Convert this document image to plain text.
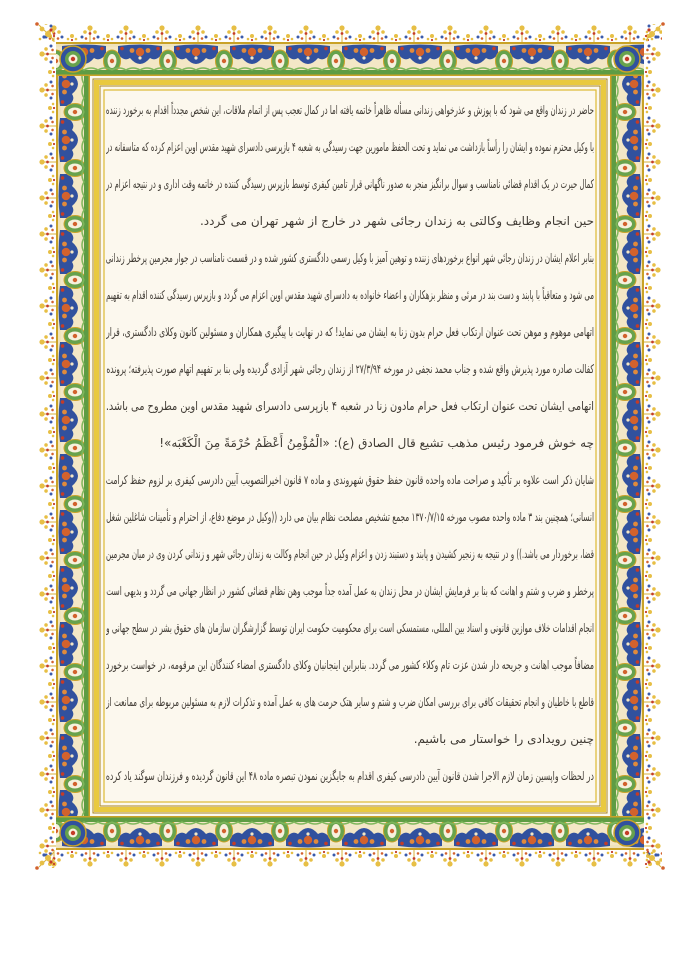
حاضر در زندان واقع می شود که با پوزش و عذرخواهی زندانی مسأله ظاهراً خاتمه یافته اما در کمال تعجب پس از اتمام ملاقات، این شخص مجدداً اقدام به برخورد زننده
با وکیل محترم نموده و ایشان را رأساً بازداشت می نماید و تحت الحفظ مامورین جهت رسیدگی به شعبه ۴ بازپرسی دادسرای شهید مقدس اوین اعزام کرده که متاسفانه در
کمال حیرت در یک اقدام قضائی نامناسب و سوال برانگیز منجر به صدور ناگهانی قرار تامین کیفری توسط بازپرس رسیدگی کننده در خاتمه وقت اداری و در نتیجه اعزام در
حین انجام وظایف وکالتی به زندان رجائی شهر در خارج از شهر تهران می گردد.
بنابر اعلام ایشان در زندان رجائی شهر انواع برخوردهای زننده و توهین آمیز با وکیل رسمی دادگستری کشور شده و در قسمت نامناسب در جوار مجرمین پرخطر زندانی
می شود و متعاقباً با پابند و دست بند در مرئی و منظر بزهکاران و اعضاء خانواده به دادسرای شهید مقدس اوین اعزام می گردد و بازپرس رسیدگی کننده اقدام به تفهیم
اتهامی موهوم و موهن تحت عنوان ارتکاب فعل حرام بدون زنا به ایشان می نماید! که در نهایت با پیگیری همکاران و مسئولین کانون وکلای دادگستری، قرار
کفالت صادره مورد پذیرش واقع شده و جناب محمد نجفی در مورخه ۲۷/۳/۹۴ از زندان رجائی شهر آزادی گردیده ولی بنا بر تفهیم اتهام صورت پذیرفته؛ پرونده
اتهامی ایشان تحت عنوان ارتکاب فعل حرام مادون زنا در شعبه ۴ بازپرسی دادسرای شهید مقدس اوین مطروح می باشد.
چه خوش فرمود رئیس مذهب تشیع قال الصادق (ع): «الْمُؤْمِنُ أَعْظَمُ حُرْمَةً مِنَ الْكَعْبَه»!
شایان ذکر است علاوه بر تأکید و صراحت ماده واحده قانون حفظ حقوق شهروندی و ماده ۷ قانون اخیرالتصویب آیین دادرسی کیفری بر لزوم حفظ کرامت
انسانی؛ همچنین بند ۳ ماده واحده مصوب مورخه ۱۳۷۰/۷/۱۵ مجمع تشخیص مصلحت نظام بیان می دارد ((وکیل در موضع دفاع، از احترام و تأمینات شاغلین شغل
قضا، برخوردار می باشد.)) و در نتیجه به زنجیر کشیدن و پابند و دستبند زدن و اعزام وکیل در حین انجام وکالت به زندان رجائی شهر و زندانی کردن وی در میان مجرمین
پرخطر و ضرب و شتم و اهانت که بنا بر فرمایش ایشان در محل زندان به عمل آمده جداً موجب وهن نظام قضائی کشور در انظار جهانی می گردد و بدیهی است
انجام اقدامات خلاف موازین قانونی و اسناد بین المللی، مستمسکی است برای محکومیت حکومت ایران توسط گزارشگران سازمان های حقوق بشر در سطح جهانی و
مضافاً موجب اهانت و جریحه دار شدن عزت تام وکلاء کشور می گردد. بنابراین اینجانبان وکلای دادگستری امضاء کنندگان این مرقومه، در خواست برخورد
قاطع با خاطیان و انجام تحقیقات کافی برای بررسی امکان ضرب و شتم و سایر هتک حرمت های به عمل آمده و تذکرات لازم به مسئولین مربوطه برای ممانعت از
چنین رویدادی را خواستار می باشیم.
در لحظات واپسین زمان لازم الاجرا شدن قانون آیین دادرسی کیفری اقدام به جایگزین نمودن تبصره ماده ۴۸ این قانون گردیده و فرزندان سوگند یاد کرده
